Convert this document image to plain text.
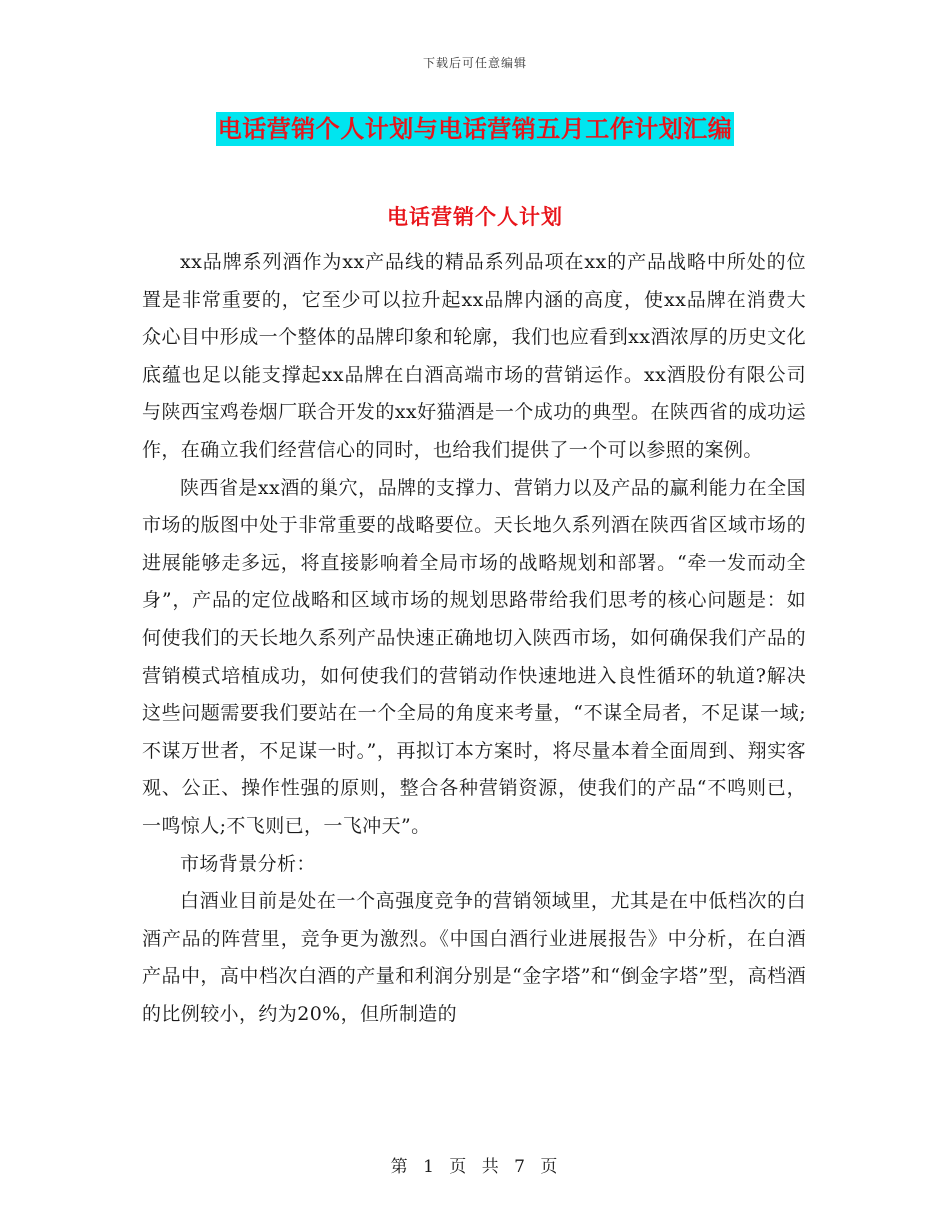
下载后可任意编辑
电话营销个人计划与电话营销五月工作计划汇编
电话营销个人计划

xx品牌系列酒作为xx产品线的精品系列品项在xx的产品战略中所处的位置是非常重要的，它至少可以拉升起xx品牌内涵的高度，使xx品牌在消费大众心目中形成一个整体的品牌印象和轮廓，我们也应看到xx酒浓厚的历史文化底蕴也足以能支撑起xx品牌在白酒高端市场的营销运作。xx酒股份有限公司与陕西宝鸡卷烟厂联合开发的xx好猫酒是一个成功的典型。在陕西省的成功运作，在确立我们经营信心的同时，也给我们提供了一个可以参照的案例。

陕西省是xx酒的巢穴，品牌的支撑力、营销力以及产品的赢利能力在全国市场的版图中处于非常重要的战略要位。天长地久系列酒在陕西省区域市场的进展能够走多远，将直接影响着全局市场的战略规划和部署。“牵一发而动全身”，产品的定位战略和区域市场的规划思路带给我们思考的核心问题是：如何使我们的天长地久系列产品快速正确地切入陕西市场，如何确保我们产品的营销模式培植成功，如何使我们的营销动作快速地进入良性循环的轨道?解决这些问题需要我们要站在一个全局的角度来考量，“不谋全局者，不足谋一域;不谋万世者，不足谋一时。”，再拟订本方案时，将尽量本着全面周到、翔实客观、公正、操作性强的原则，整合各种营销资源，使我们的产品“不鸣则已，一鸣惊人;不飞则已，一飞冲天”。

市场背景分析：

白酒业目前是处在一个高强度竞争的营销领域里，尤其是在中低档次的白酒产品的阵营里，竞争更为激烈。《中国白酒行业进展报告》中分析，在白酒产品中，高中档次白酒的产量和利润分别是“金字塔”和“倒金字塔”型，高档酒的比例较小，约为20%，但所制造的

第 1 页 共 7 页
